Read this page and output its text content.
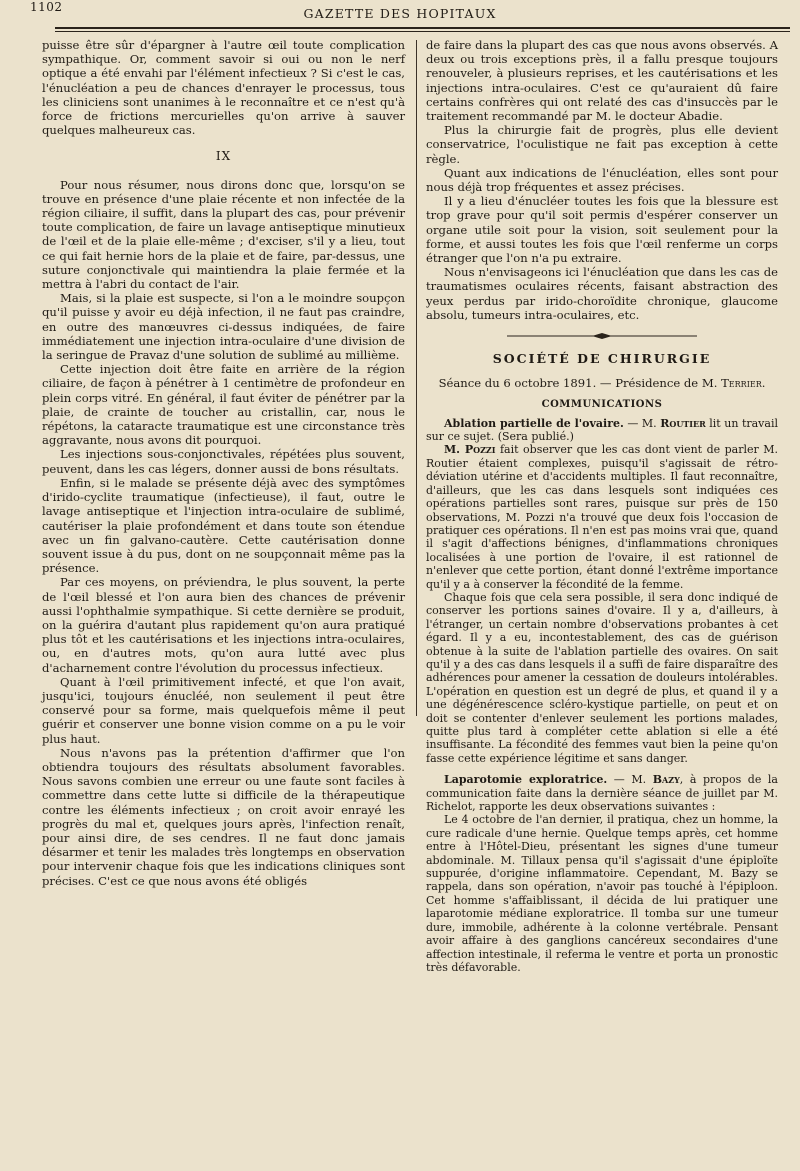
1102	GAZETTE DES HOPITAUX

puisse être sûr d'épargner à l'autre œil toute complication sympathique. Or, comment savoir si oui ou non le nerf optique a été envahi par l'élément infectieux ? Si c'est le cas, l'énucléation a peu de chances d'enrayer le processus, tous les cliniciens sont unanimes à le reconnaître et ce n'est qu'à force de frictions mercurielles qu'on arrive à sauver quelques malheureux cas.

IX

Pour nous résumer, nous dirons donc que, lorsqu'on se trouve en présence d'une plaie récente et non infectée de la région ciliaire, il suffit, dans la plupart des cas, pour prévenir toute complication, de faire un lavage antiseptique minutieux de l'œil et de la plaie elle-même ; d'exciser, s'il y a lieu, tout ce qui fait hernie hors de la plaie et de faire, par-dessus, une suture conjonctivale qui maintiendra la plaie fermée et la mettra à l'abri du contact de l'air.

Mais, si la plaie est suspecte, si l'on a le moindre soupçon qu'il puisse y avoir eu déjà infection, il ne faut pas craindre, en outre des manœuvres ci-dessus indiquées, de faire immédiatement une injection intra-oculaire d'une division de la seringue de Pravaz d'une solution de sublimé au millième.

Cette injection doit être faite en arrière de la région ciliaire, de façon à pénétrer à 1 centimètre de profondeur en plein corps vitré. En général, il faut éviter de pénétrer par la plaie, de crainte de toucher au cristallin, car, nous le répétons, la cataracte traumatique est une circonstance très aggravante, nous avons dit pourquoi.

Les injections sous-conjonctivales, répétées plus souvent, peuvent, dans les cas légers, donner aussi de bons résultats.

Enfin, si le malade se présente déjà avec des symptômes d'irido-cyclite traumatique (infectieuse), il faut, outre le lavage antiseptique et l'injection intra-oculaire de sublimé, cautériser la plaie profondément et dans toute son étendue avec un fin galvano-cautère. Cette cautérisation donne souvent issue à du pus, dont on ne soupçonnait même pas la présence.

Par ces moyens, on préviendra, le plus souvent, la perte de l'œil blessé et l'on aura bien des chances de prévenir aussi l'ophthalmie sympathique. Si cette dernière se produit, on la guérira d'autant plus rapidement qu'on aura pratiqué plus tôt et les cautérisations et les injections intra-oculaires, ou, en d'autres mots, qu'on aura lutté avec plus d'acharnement contre l'évolution du processus infectieux.

Quant à l'œil primitivement infecté, et que l'on avait, jusqu'ici, toujours énucléé, non seulement il peut être conservé pour sa forme, mais quelquefois même il peut guérir et conserver une bonne vision comme on a pu le voir plus haut.

Nous n'avons pas la prétention d'affirmer que l'on obtiendra toujours des résultats absolument favorables. Nous savons combien une erreur ou une faute sont faciles à commettre dans cette lutte si difficile de la thérapeutique contre les éléments infectieux ; on croit avoir enrayé les progrès du mal et, quelques jours après, l'infection renaît, pour ainsi dire, de ses cendres. Il ne faut donc jamais désarmer et tenir les malades très longtemps en observation pour intervenir chaque fois que les indications cliniques sont précises. C'est ce que nous avons été obligés

de faire dans la plupart des cas que nous avons observés. A deux ou trois exceptions près, il a fallu presque toujours renouveler, à plusieurs reprises, et les cautérisations et les injections intra-oculaires. C'est ce qu'auraient dû faire certains confrères qui ont relaté des cas d'insuccès par le traitement recommandé par M. le docteur Abadie.

Plus la chirurgie fait de progrès, plus elle devient conservatrice, l'oculistique ne fait pas exception à cette règle.

Quant aux indications de l'énucléation, elles sont pour nous déjà trop fréquentes et assez précises.

Il y a lieu d'énucléer toutes les fois que la blessure est trop grave pour qu'il soit permis d'espérer conserver un organe utile soit pour la vision, soit seulement pour la forme, et aussi toutes les fois que l'œil renferme un corps étranger que l'on n'a pu extraire.

Nous n'envisageons ici l'énucléation que dans les cas de traumatismes oculaires récents, faisant abstraction des yeux perdus par irido-choroïdite chronique, glaucome absolu, tumeurs intra-oculaires, etc.

SOCIÉTÉ DE CHIRURGIE
Séance du 6 octobre 1891. — Présidence de M. Terrier.
COMMUNICATIONS

Ablation partielle de l'ovaire. — M. Routier lit un travail sur ce sujet. (Sera publié.)

M. Pozzi fait observer que les cas dont vient de parler M. Routier étaient complexes, puisqu'il s'agissait de rétro-déviation utérine et d'accidents multiples. Il faut reconnaître, d'ailleurs, que les cas dans lesquels sont indiquées ces opérations partielles sont rares, puisque sur près de 150 observations, M. Pozzi n'a trouvé que deux fois l'occasion de pratiquer ces opérations. Il n'en est pas moins vrai que, quand il s'agit d'affections bénignes, d'inflammations chroniques localisées à une portion de l'ovaire, il est rationnel de n'enlever que cette portion, étant donné l'extrême importance qu'il y a à conserver la fécondité de la femme.

Chaque fois que cela sera possible, il sera donc indiqué de conserver les portions saines d'ovaire. Il y a, d'ailleurs, à l'étranger, un certain nombre d'observations probantes à cet égard. Il y a eu, incontestablement, des cas de guérison obtenue à la suite de l'ablation partielle des ovaires. On sait qu'il y a des cas dans lesquels il a suffi de faire disparaître des adhérences pour amener la cessation de douleurs intolérables. L'opération en question est un degré de plus, et quand il y a une dégénérescence scléro-kystique partielle, on peut et on doit se contenter d'enlever seulement les portions malades, quitte plus tard à compléter cette ablation si elle a été insuffisante. La fécondité des femmes vaut bien la peine qu'on fasse cette expérience légitime et sans danger.

Laparotomie exploratrice. — M. Bazy, à propos de la communication faite dans la dernière séance de juillet par M. Richelot, rapporte les deux observations suivantes :

Le 4 octobre de l'an dernier, il pratiqua, chez un homme, la cure radicale d'une hernie. Quelque temps après, cet homme entre à l'Hôtel-Dieu, présentant les signes d'une tumeur abdominale. M. Tillaux pensa qu'il s'agissait d'une épiploïte suppurée, d'origine inflammatoire. Cependant, M. Bazy se rappela, dans son opération, n'avoir pas touché à l'épiploon. Cet homme s'affaiblissant, il décida de lui pratiquer une laparotomie médiane exploratrice. Il tomba sur une tumeur dure, immobile, adhérente à la colonne vertébrale. Pensant avoir affaire à des ganglions cancéreux secondaires d'une affection intestinale, il referma le ventre et porta un pronostic très défavorable.
